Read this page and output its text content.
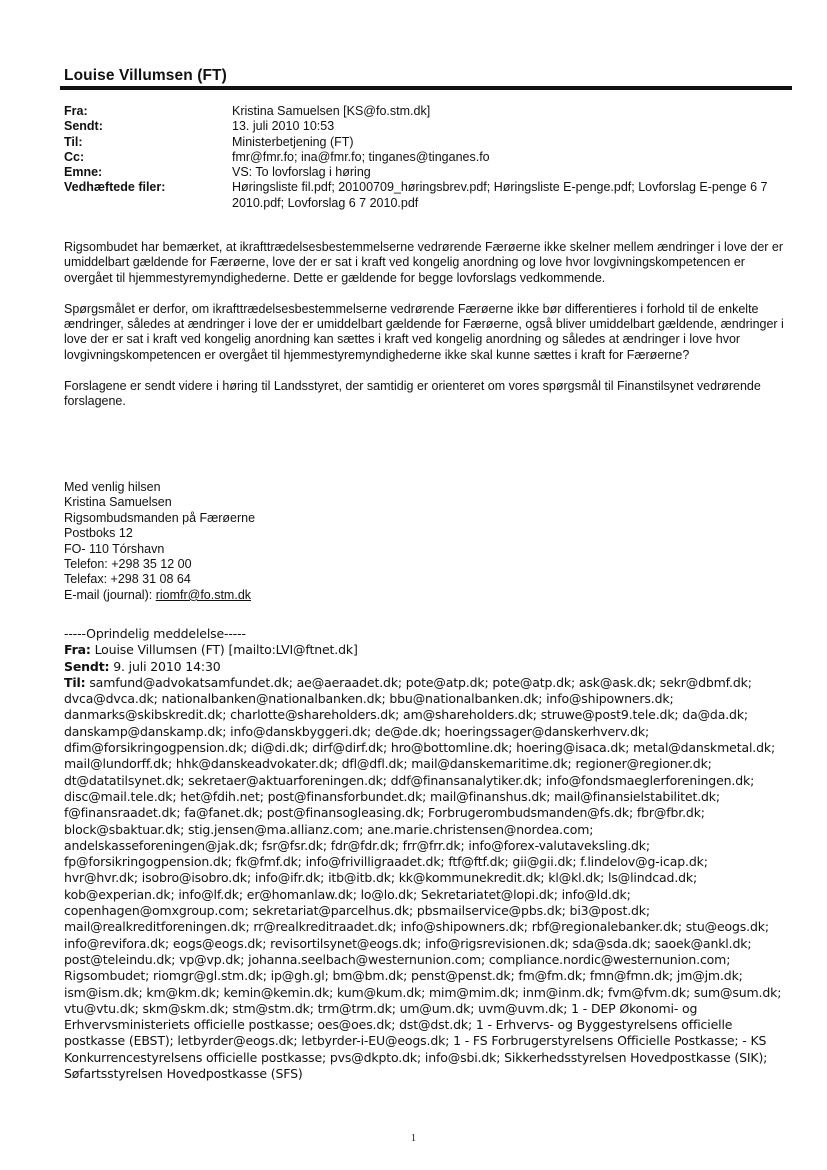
Louise Villumsen (FT)
Fra:	Kristina Samuelsen [KS@fo.stm.dk]
Sendt:	13. juli 2010 10:53
Til:	Ministerbetjening (FT)
Cc:	fmr@fmr.fo; ina@fmr.fo; tinganes@tinganes.fo
Emne:	VS: To lovforslag i høring
Vedhæftede filer:	Høringsliste fil.pdf; 20100709_høringsbrev.pdf; Høringsliste E-penge.pdf; Lovforslag E-penge 6 7 2010.pdf; Lovforslag 6 7 2010.pdf

Rigsombudet har bemærket, at ikrafttrædelsesbestemmelserne vedrørende Færøerne ikke skelner mellem ændringer i love der er umiddelbart gældende for Færøerne, love der er sat i kraft ved kongelig anordning og love hvor lovgivningskompetencen er overgået til hjemmestyremyndighederne. Dette er gældende for begge lovforslags vedkommende.

Spørgsmålet er derfor, om ikrafttrædelsesbestemmelserne vedrørende Færøerne ikke bør differentieres i forhold til de enkelte ændringer, således at ændringer i love der er umiddelbart gældende for Færøerne, også bliver umiddelbart gældende, ændringer i love der er sat i kraft ved kongelig anordning kan sættes i kraft ved kongelig anordning og således at ændringer i love hvor lovgivningskompetencen er overgået til hjemmestyremyndighederne ikke skal kunne sættes i kraft for Færøerne?

Forslagene er sendt videre i høring til Landsstyret, der samtidig er orienteret om vores spørgsmål til Finanstilsynet vedrørende forslagene.

Med venlig hilsen
Kristina Samuelsen
Rigsombudsmanden på Færøerne
Postboks 12
FO- 110 Tórshavn
Telefon: +298 35 12 00
Telefax: +298 31 08 64
E-mail (journal): riomfr@fo.stm.dk
-----Oprindelig meddelelse-----
Fra: Louise Villumsen (FT) [mailto:LVI@ftnet.dk]
Sendt: 9. juli 2010 14:30
Til: samfund@advokatsamfundet.dk; ae@aeraadet.dk; pote@atp.dk; pote@atp.dk; ask@ask.dk; sekr@dbmf.dk;
dvca@dvca.dk; nationalbanken@nationalbanken.dk; bbu@nationalbanken.dk; info@shipowners.dk;
danmarks@skibskredit.dk; charlotte@shareholders.dk; am@shareholders.dk; struwe@post9.tele.dk; da@da.dk;
danskamp@danskamp.dk; info@danskbyggeri.dk; de@de.dk; hoeringssager@danskerhverv.dk;
dfim@forsikringogpension.dk; di@di.dk; dirf@dirf.dk; hro@bottomline.dk; hoering@isaca.dk; metal@danskmetal.dk;
mail@lundorff.dk; hhk@danskeadvokater.dk; dfl@dfl.dk; mail@danskemaritime.dk; regioner@regioner.dk;
dt@datatilsynet.dk; sekretaer@aktuarforeningen.dk; ddf@finansanalytiker.dk; info@fondsmaeglerforeningen.dk;
disc@mail.tele.dk; het@fdih.net; post@finansforbundet.dk; mail@finanshus.dk; mail@finansielstabilitet.dk;
f@finansraadet.dk; fa@fanet.dk; post@finansogleasing.dk; Forbrugerombudsmanden@fs.dk; fbr@fbr.dk;
block@sbaktuar.dk; stig.jensen@ma.allianz.com; ane.marie.christensen@nordea.com;
andelskasseforeningen@jak.dk; fsr@fsr.dk; fdr@fdr.dk; frr@frr.dk; info@forex-valutaveksling.dk;
fp@forsikringogpension.dk; fk@fmf.dk; info@frivilligraadet.dk; ftf@ftf.dk; gii@gii.dk; f.lindelov@g-icap.dk;
hvr@hvr.dk; isobro@isobro.dk; info@ifr.dk; itb@itb.dk; kk@kommunekredit.dk; kl@kl.dk; ls@lindcad.dk;
kob@experian.dk; info@lf.dk; er@homanlaw.dk; lo@lo.dk; Sekretariatet@lopi.dk; info@ld.dk;
copenhagen@omxgroup.com; sekretariat@parcelhus.dk; pbsmailservice@pbs.dk; bi3@post.dk;
mail@realkreditforeningen.dk; rr@realkreditraadet.dk; info@shipowners.dk; rbf@regionalebanker.dk; stu@eogs.dk;
info@revifora.dk; eogs@eogs.dk; revisortilsynet@eogs.dk; info@rigsrevisionen.dk; sda@sda.dk; saoek@ankl.dk;
post@teleindu.dk; vp@vp.dk; johanna.seelbach@westernunion.com; compliance.nordic@westernunion.com;
Rigsombudet; riomgr@gl.stm.dk; ip@gh.gl; bm@bm.dk; penst@penst.dk; fm@fm.dk; fmn@fmn.dk; jm@jm.dk;
ism@ism.dk; km@km.dk; kemin@kemin.dk; kum@kum.dk; mim@mim.dk; inm@inm.dk; fvm@fvm.dk; sum@sum.dk;
vtu@vtu.dk; skm@skm.dk; stm@stm.dk; trm@trm.dk; um@um.dk; uvm@uvm.dk; 1 - DEP Økonomi- og
Erhvervsministeriets officielle postkasse; oes@oes.dk; dst@dst.dk; 1 - Erhvervs- og Byggestyrelsens officielle
postkasse (EBST); letbyrder@eogs.dk; letbyrder-i-EU@eogs.dk; 1 - FS Forbrugerstyrelsens Officielle Postkasse; - KS
Konkurrencestyrelsens officielle postkasse; pvs@dkpto.dk; info@sbi.dk; Sikkerhedsstyrelsen Hovedpostkasse (SIK);
Søfartsstyrelsen Hovedpostkasse (SFS)
1
